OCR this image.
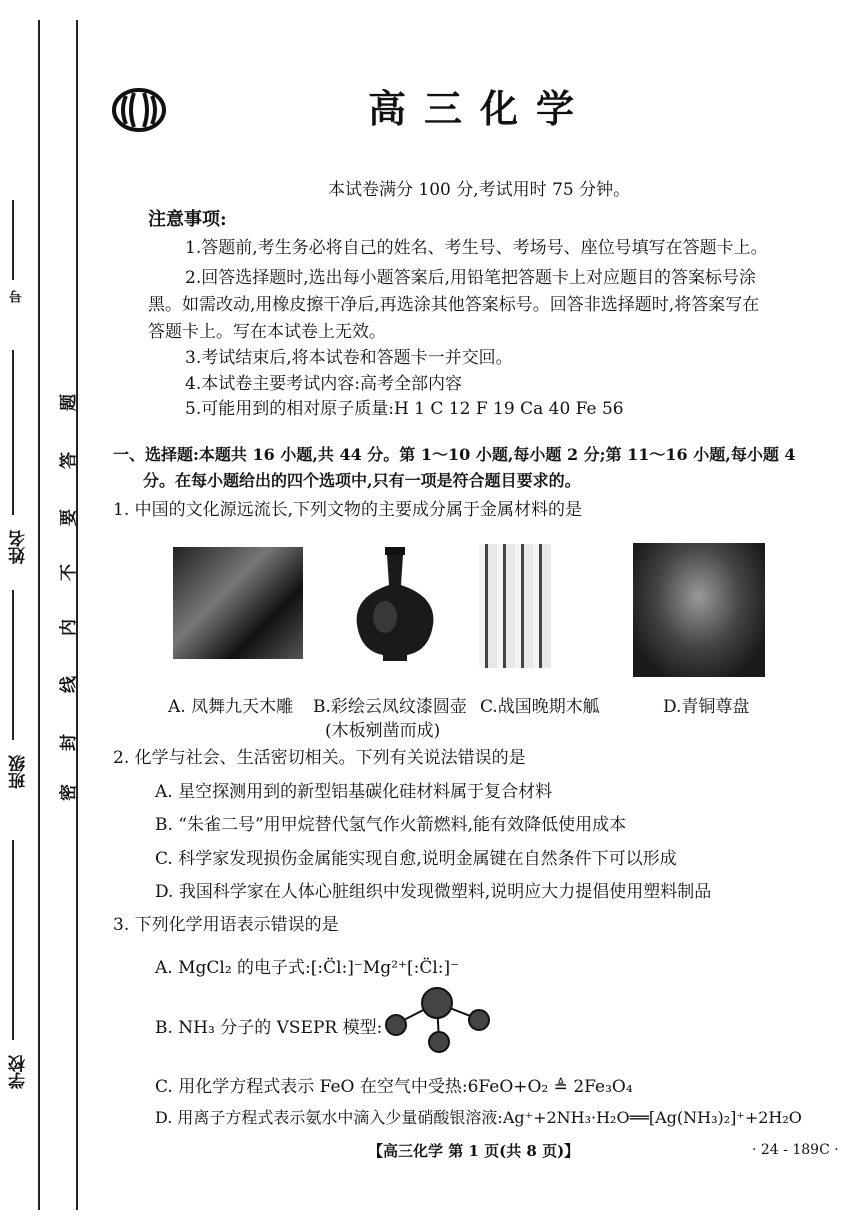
密
封
线
内
不
要
答
题
学校
班级
姓名
号
高三化学
本试卷满分 100 分,考试用时 75 分钟。
注意事项:
1.答题前,考生务必将自己的姓名、考生号、考场号、座位号填写在答题卡上。
2.回答选择题时,选出每小题答案后,用铅笔把答题卡上对应题目的答案标号涂
黑。如需改动,用橡皮擦干净后,再选涂其他答案标号。回答非选择题时,将答案写在
答题卡上。写在本试卷上无效。
3.考试结束后,将本试卷和答题卡一并交回。
4.本试卷主要考试内容:高考全部内容
5.可能用到的相对原子质量:H 1 C 12 F 19 Ca 40 Fe 56
一、选择题:本题共 16 小题,共 44 分。第 1～10 小题,每小题 2 分;第 11～16 小题,每小题 4
分。在每小题给出的四个选项中,只有一项是符合题目要求的。
1. 中国的文化源远流长,下列文物的主要成分属于金属材料的是
A. 凤舞九天木雕 B.彩绘云凤纹漆圆壶 C.战国晚期木觚	D.青铜尊盘
(木板剜凿而成)
2. 化学与社会、生活密切相关。下列有关说法错误的是
A. 星空探测用到的新型铝基碳化硅材料属于复合材料
B. “朱雀二号”用甲烷替代氢气作火箭燃料,能有效降低使用成本
C. 科学家发现损伤金属能实现自愈,说明金属键在自然条件下可以形成
D. 我国科学家在人体心脏组织中发现微塑料,说明应大力提倡使用塑料制品
3. 下列化学用语表示错误的是
A. MgCl₂ 的电子式:[:C̈l:]⁻Mg²⁺[:C̈l:]⁻
B. NH₃ 分子的 VSEPR 模型:
C. 用化学方程式表示 FeO 在空气中受热:6FeO+O₂ ≜ 2Fe₃O₄
D. 用离子方程式表示氨水中滴入少量硝酸银溶液:Ag⁺+2NH₃·H₂O══[Ag(NH₃)₂]⁺+2H₂O
【高三化学 第 1 页(共 8 页)】	· 24 - 189C ·
